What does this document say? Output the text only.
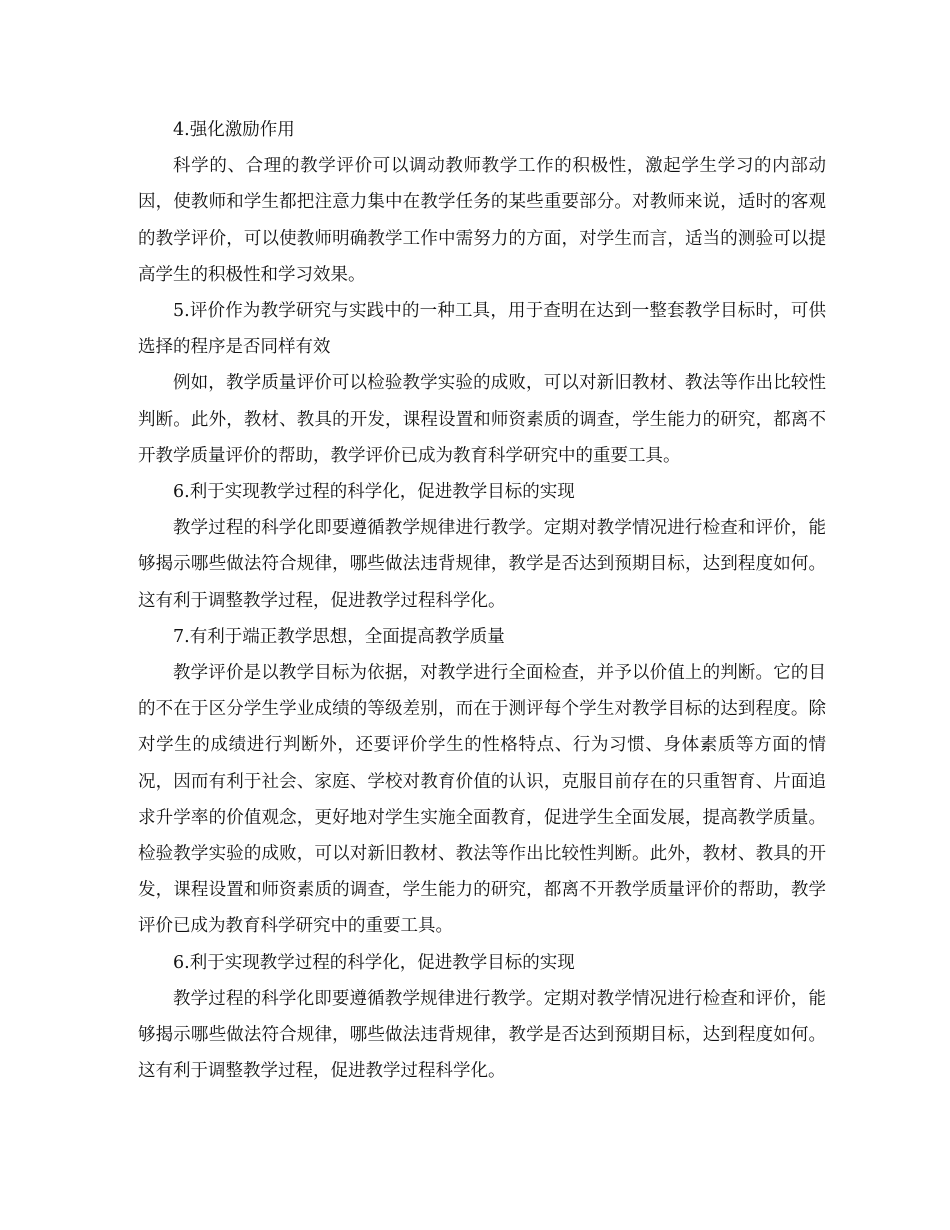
4.强化激励作用

科学的、合理的教学评价可以调动教师教学工作的积极性，激起学生学习的内部动因，使教师和学生都把注意力集中在教学任务的某些重要部分。对教师来说，适时的客观的教学评价，可以使教师明确教学工作中需努力的方面，对学生而言，适当的测验可以提高学生的积极性和学习效果。

5.评价作为教学研究与实践中的一种工具，用于查明在达到一整套教学目标时，可供选择的程序是否同样有效

例如，教学质量评价可以检验教学实验的成败，可以对新旧教材、教法等作出比较性判断。此外，教材、教具的开发，课程设置和师资素质的调查，学生能力的研究，都离不开教学质量评价的帮助，教学评价已成为教育科学研究中的重要工具。

6.利于实现教学过程的科学化，促进教学目标的实现

教学过程的科学化即要遵循教学规律进行教学。定期对教学情况进行检查和评价，能够揭示哪些做法符合规律，哪些做法违背规律，教学是否达到预期目标，达到程度如何。这有利于调整教学过程，促进教学过程科学化。

7.有利于端正教学思想，全面提高教学质量

教学评价是以教学目标为依据，对教学进行全面检查，并予以价值上的判断。它的目的不在于区分学生学业成绩的等级差别，而在于测评每个学生对教学目标的达到程度。除对学生的成绩进行判断外，还要评价学生的性格特点、行为习惯、身体素质等方面的情况，因而有利于社会、家庭、学校对教育价值的认识，克服目前存在的只重智育、片面追求升学率的价值观念，更好地对学生实施全面教育，促进学生全面发展，提高教学质量。检验教学实验的成败，可以对新旧教材、教法等作出比较性判断。此外，教材、教具的开发，课程设置和师资素质的调查，学生能力的研究，都离不开教学质量评价的帮助，教学评价已成为教育科学研究中的重要工具。

6.利于实现教学过程的科学化，促进教学目标的实现

教学过程的科学化即要遵循教学规律进行教学。定期对教学情况进行检查和评价，能够揭示哪些做法符合规律，哪些做法违背规律，教学是否达到预期目标，达到程度如何。这有利于调整教学过程，促进教学过程科学化。
